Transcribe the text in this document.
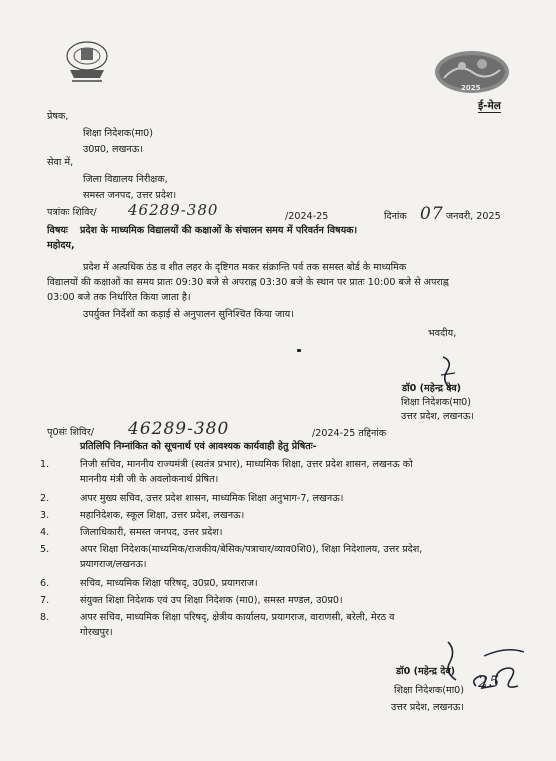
2025
ई-मेल
प्रेषक,
शिक्षा निदेशक(मा0)
उ0प्र0, लखनऊ।
सेवा में,
जिला विद्यालय निरीक्षक,
समस्त जनपद, उत्तर प्रदेश।
पत्रांकः शिविर/ 46289-380	/2024-25	दिनांक 07 जनवरी, 2025
विषयः प्रदेश के माध्यमिक विद्यालयों की कक्षाओं के संचालन समय में परिवर्तन विषयक।
महोदय,
प्रदेश में अत्यधिक ठंड व शीत लहर के दृष्टिगत मकर संक्रान्ति पर्व तक समस्त बोर्ड के माध्यमिक
विद्यालयों की कक्षाओं का समय प्रातः 09:30 बजे से अपराह्न 03:30 बजे के स्थान पर प्रातः 10:00 बजे से अपराह्न
03:00 बजे तक निर्धारित किया जाता है।
उपर्युक्त निर्देशों का कड़ाई से अनुपालन सुनिश्चित किया जाय।
भवदीय,
डॉ0 (महेन्द्र देव)
शिक्षा निदेशक(मा0)
उत्तर प्रदेश, लखनऊ।
पृ0संः शिविर/ 46289-380	/2024-25 तद्दिनांक
प्रतिलिपि निम्नांकित को सूचनार्थ एवं आवश्यक कार्यवाही हेतु प्रेषितः-
1.	निजी सचिव, माननीय राज्यमंत्री (स्वतंत्र प्रभार), माध्यमिक शिक्षा, उत्तर प्रदेश शासन, लखनऊ को
माननीय मंत्री जी के अवलोकनार्थ प्रेषित।
2.	अपर मुख्य सचिव, उत्तर प्रदेश शासन, माध्यमिक शिक्षा अनुभाग-7, लखनऊ।
3.	महानिदेशक, स्कूल शिक्षा, उत्तर प्रदेश, लखनऊ।
4.	जिलाधिकारी, समस्त जनपद, उत्तर प्रदेश।
5.	अपर शिक्षा निदेशक(माध्यमिक/राजकीय/बेसिक/पत्राचार/व्याव0शि0), शिक्षा निदेशालय, उत्तर प्रदेश,
प्रयागराज/लखनऊ।
6.	सचिव, माध्यमिक शिक्षा परिषद्, उ0प्र0, प्रयागराज।
7.	संयुक्त शिक्षा निदेशक एवं उप शिक्षा निदेशक (मा0), समस्त मण्डल, उ0प्र0।
8.	अपर सचिव, माध्यमिक शिक्षा परिषद्, क्षेत्रीय कार्यालय, प्रयागराज, वाराणसी, बरेली, मेरठ व
गोरखपुर।
25
डॉ0 (महेन्द्र देव)
शिक्षा निदेशक(मा0)
उत्तर प्रदेश, लखनऊ।
